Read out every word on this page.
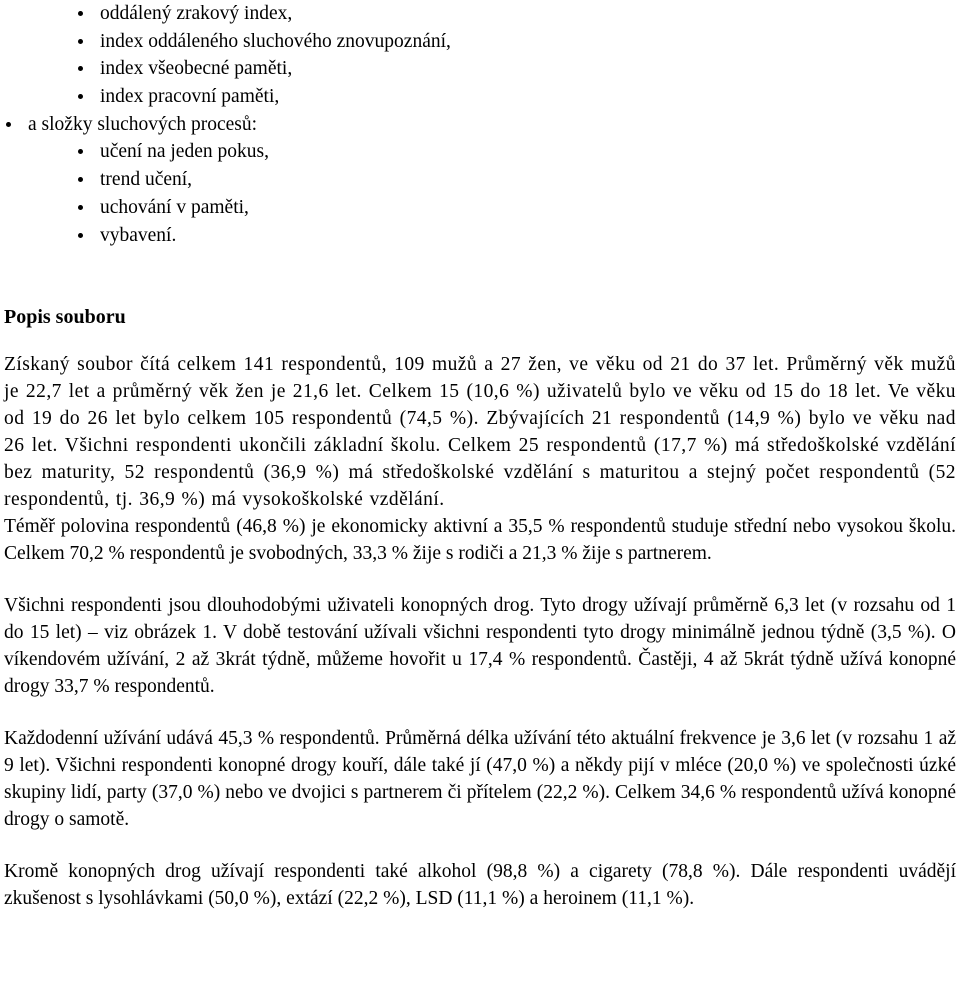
oddálený zrakový index,
index oddáleného sluchového znovupoznání,
index všeobecné paměti,
index pracovní paměti,
a složky sluchových procesů:
učení na jeden pokus,
trend učení,
uchování v paměti,
vybavení.
Popis souboru

Získaný soubor čítá celkem 141 respondentů, 109 mužů a 27 žen, ve věku od 21 do 37 let. Průměrný věk mužů je 22,7 let a průměrný věk žen je 21,6 let. Celkem 15 (10,6 %) uživatelů bylo ve věku od 15 do 18 let. Ve věku od 19 do 26 let bylo celkem 105 respondentů (74,5 %). Zbývajících 21 respondentů (14,9 %) bylo ve věku nad 26 let. Všichni respondenti ukončili základní školu. Celkem 25 respondentů (17,7 %) má středoškolské vzdělání bez maturity, 52 respondentů (36,9 %) má středoškolské vzdělání s maturitou a stejný počet respondentů (52 respondentů, tj. 36,9 %) má vysokoškolské vzdělání.

Téměř polovina respondentů (46,8 %) je ekonomicky aktivní a 35,5 % respondentů studuje střední nebo vysokou školu. Celkem 70,2 % respondentů je svobodných, 33,3 % žije s rodiči a 21,3 % žije s partnerem.

Všichni respondenti jsou dlouhodobými uživateli konopných drog. Tyto drogy užívají průměrně 6,3 let (v rozsahu od 1 do 15 let) – viz obrázek 1. V době testování užívali všichni respondenti tyto drogy minimálně jednou týdně (3,5 %). O víkendovém užívání, 2 až 3krát týdně, můžeme hovořit u 17,4 % respondentů. Častěji, 4 až 5krát týdně užívá konopné drogy 33,7 % respondentů.

Každodenní užívání udává 45,3 % respondentů. Průměrná délka užívání této aktuální frekvence je 3,6 let (v rozsahu 1 až 9 let). Všichni respondenti konopné drogy kouří, dále také jí (47,0 %) a někdy pijí v mléce (20,0 %) ve společnosti úzké skupiny lidí, party (37,0 %) nebo ve dvojici s partnerem či přítelem (22,2 %). Celkem 34,6 % respondentů užívá konopné drogy o samotě.

Kromě konopných drog užívají respondenti také alkohol (98,8 %) a cigarety (78,8 %). Dále respondenti uvádějí zkušenost s lysohlávkami (50,0 %), extází (22,2 %), LSD (11,1 %) a heroinem (11,1 %).
